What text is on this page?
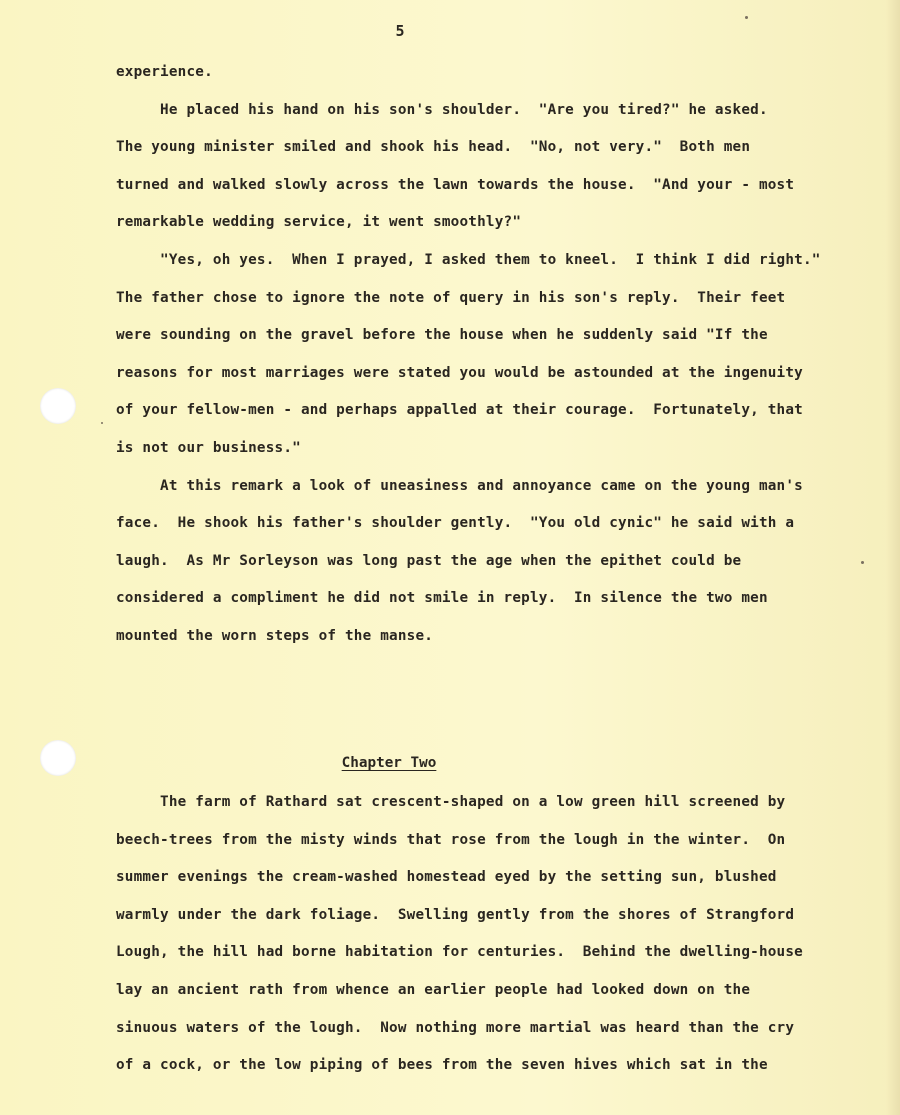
5
experience.
He placed his hand on his son's shoulder.  "Are you tired?" he asked.
The young minister smiled and shook his head.  "No, not very."  Both men
turned and walked slowly across the lawn towards the house.  "And your - most
remarkable wedding service, it went smoothly?"
"Yes, oh yes.  When I prayed, I asked them to kneel.  I think I did right."
The father chose to ignore the note of query in his son's reply.  Their feet
were sounding on the gravel before the house when he suddenly said "If the
reasons for most marriages were stated you would be astounded at the ingenuity
of your fellow-men - and perhaps appalled at their courage.  Fortunately, that
is not our business."
At this remark a look of uneasiness and annoyance came on the young man's
face.  He shook his father's shoulder gently.  "You old cynic" he said with a
laugh.  As Mr Sorleyson was long past the age when the epithet could be
considered a compliment he did not smile in reply.  In silence the two men
mounted the worn steps of the manse.
Chapter Two
The farm of Rathard sat crescent-shaped on a low green hill screened by
beech-trees from the misty winds that rose from the lough in the winter.  On
summer evenings the cream-washed homestead eyed by the setting sun, blushed
warmly under the dark foliage.  Swelling gently from the shores of Strangford
Lough, the hill had borne habitation for centuries.  Behind the dwelling-house
lay an ancient rath from whence an earlier people had looked down on the
sinuous waters of the lough.  Now nothing more martial was heard than the cry
of a cock, or the low piping of bees from the seven hives which sat in the
